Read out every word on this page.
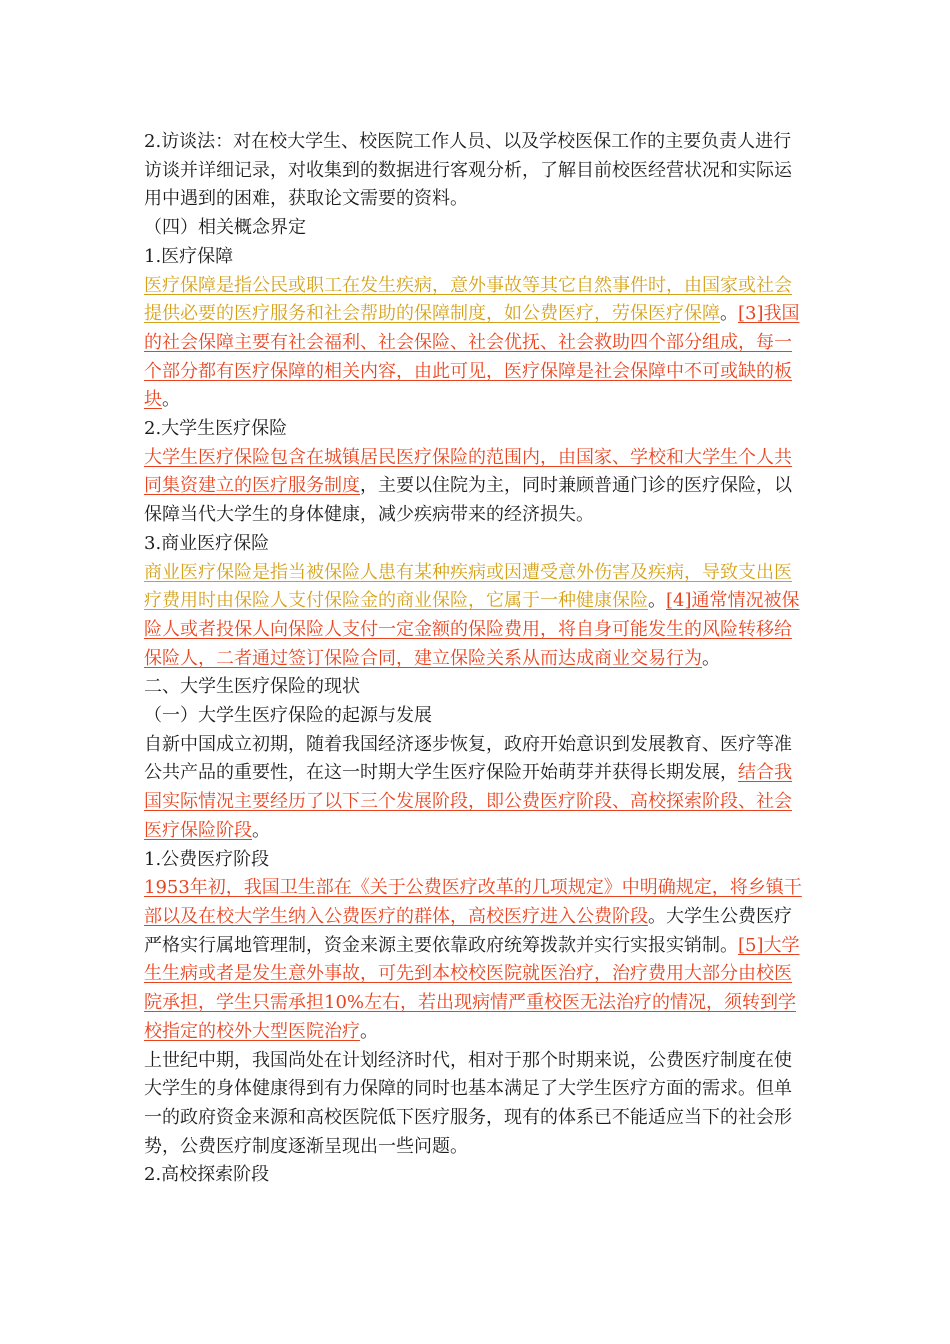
2.访谈法：对在校大学生、校医院工作人员、以及学校医保工作的主要负责人进行访谈并详细记录，对收集到的数据进行客观分析，了解目前校医经营状况和实际运用中遇到的困难，获取论文需要的资料。

（四）相关概念界定

1.医疗保障

医疗保障是指公民或职工在发生疾病，意外事故等其它自然事件时，由国家或社会提供必要的医疗服务和社会帮助的保障制度，如公费医疗，劳保医疗保障。[3]我国的社会保障主要有社会福利、社会保险、社会优抚、社会救助四个部分组成，每一个部分都有医疗保障的相关内容，由此可见，医疗保障是社会保障中不可或缺的板块。

2.大学生医疗保险

大学生医疗保险包含在城镇居民医疗保险的范围内，由国家、学校和大学生个人共同集资建立的医疗服务制度，主要以住院为主，同时兼顾普通门诊的医疗保险，以保障当代大学生的身体健康，减少疾病带来的经济损失。

3.商业医疗保险

商业医疗保险是指当被保险人患有某种疾病或因遭受意外伤害及疾病，导致支出医疗费用时由保险人支付保险金的商业保险，它属于一种健康保险。[4]通常情况被保险人或者投保人向保险人支付一定金额的保险费用，将自身可能发生的风险转移给保险人，二者通过签订保险合同，建立保险关系从而达成商业交易行为。

二、大学生医疗保险的现状

（一）大学生医疗保险的起源与发展

自新中国成立初期，随着我国经济逐步恢复，政府开始意识到发展教育、医疗等准公共产品的重要性，在这一时期大学生医疗保险开始萌芽并获得长期发展，结合我国实际情况主要经历了以下三个发展阶段，即公费医疗阶段、高校探索阶段、社会医疗保险阶段。

1.公费医疗阶段

1953年初，我国卫生部在《关于公费医疗改革的几项规定》中明确规定，将乡镇干部以及在校大学生纳入公费医疗的群体，高校医疗进入公费阶段。大学生公费医疗严格实行属地管理制，资金来源主要依靠政府统筹拨款并实行实报实销制。[5]大学生生病或者是发生意外事故，可先到本校校医院就医治疗，治疗费用大部分由校医院承担，学生只需承担10%左右，若出现病情严重校医无法治疗的情况，须转到学校指定的校外大型医院治疗。

上世纪中期，我国尚处在计划经济时代，相对于那个时期来说，公费医疗制度在使大学生的身体健康得到有力保障的同时也基本满足了大学生医疗方面的需求。但单一的政府资金来源和高校医院低下医疗服务，现有的体系已不能适应当下的社会形势，公费医疗制度逐渐呈现出一些问题。

2.高校探索阶段
